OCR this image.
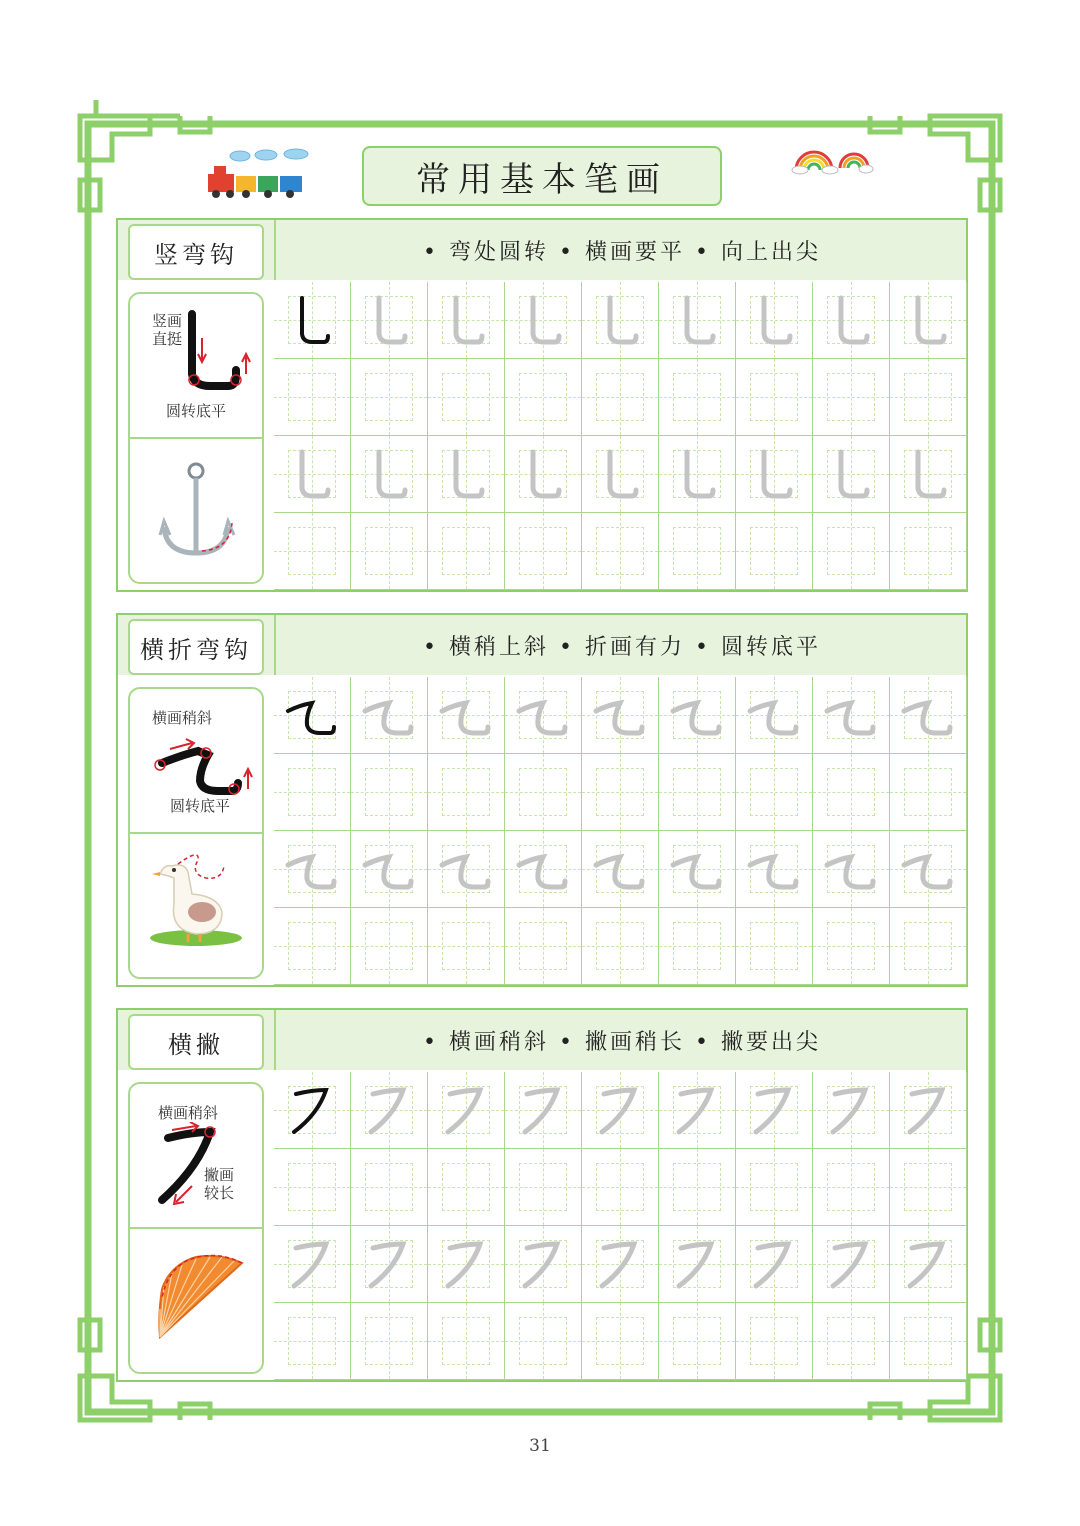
常用基本笔画
竖弯钩	• 弯处圆转 • 横画要平 • 向上出尖
竖画直挺
圆转底平
横折弯钩	• 横稍上斜 • 折画有力 • 圆转底平
横画稍斜
圆转底平
横撇	• 横画稍斜 • 撇画稍长 • 撇要出尖
横画稍斜
撇画较长
31
